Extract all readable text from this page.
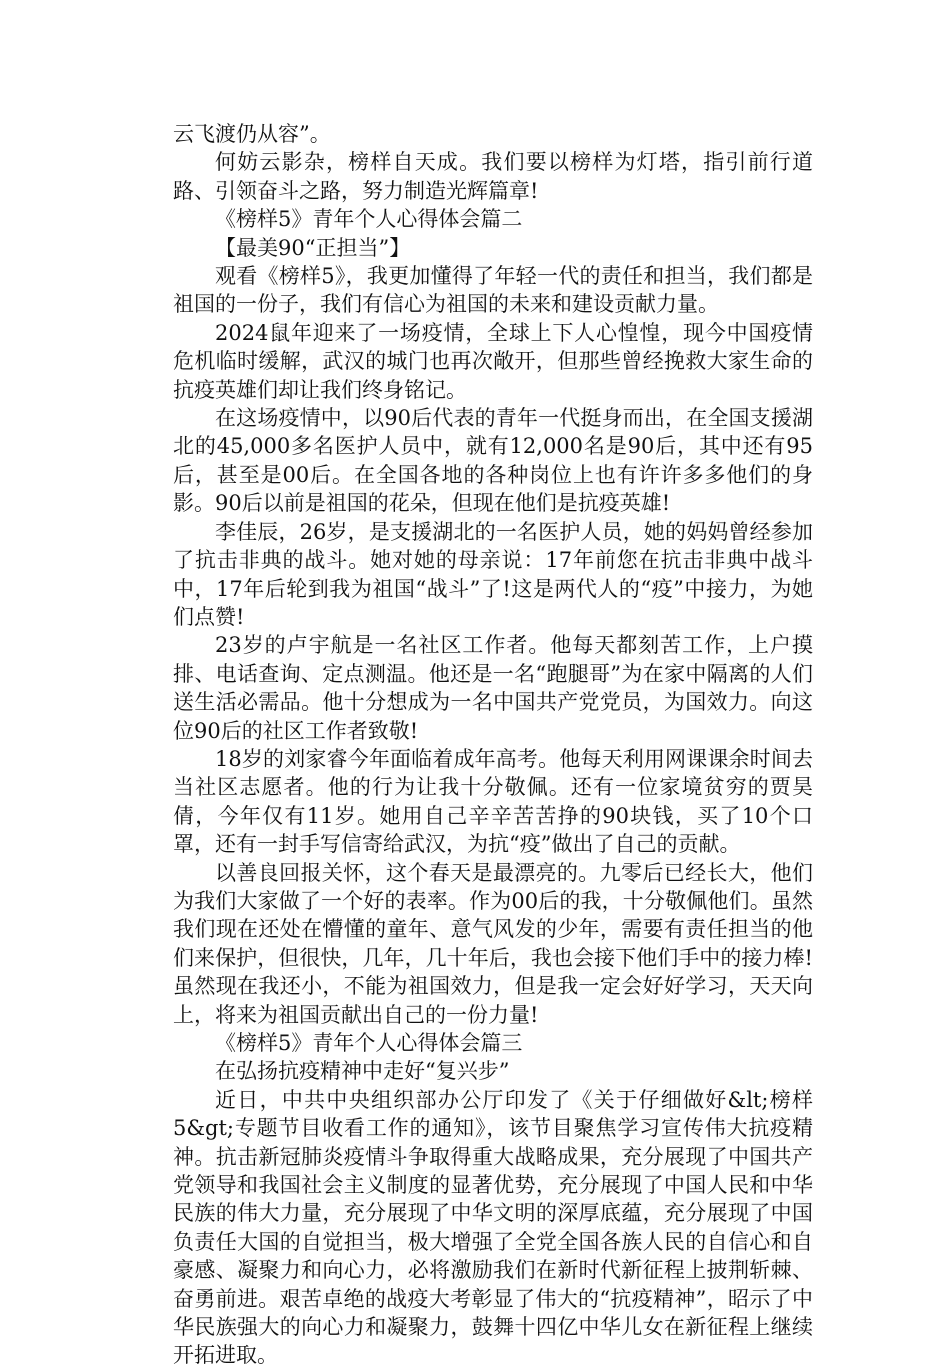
云飞渡仍从容”。

何妨云影杂，榜样自天成。我们要以榜样为灯塔，指引前行道路、引领奋斗之路，努力制造光辉篇章!

《榜样5》青年个人心得体会篇二

【最美90“正担当”】

观看《榜样5》，我更加懂得了年轻一代的责任和担当，我们都是祖国的一份子，我们有信心为祖国的未来和建设贡献力量。

2024鼠年迎来了一场疫情，全球上下人心惶惶，现今中国疫情危机临时缓解，武汉的城门也再次敞开，但那些曾经挽救大家生命的抗疫英雄们却让我们终身铭记。

在这场疫情中，以90后代表的青年一代挺身而出，在全国支援湖北的45,000多名医护人员中，就有12,000名是90后，其中还有95后，甚至是00后。在全国各地的各种岗位上也有许许多多他们的身影。90后以前是祖国的花朵，但现在他们是抗疫英雄!

李佳辰，26岁，是支援湖北的一名医护人员，她的妈妈曾经参加了抗击非典的战斗。她对她的母亲说：17年前您在抗击非典中战斗中，17年后轮到我为祖国“战斗”了!这是两代人的“疫”中接力，为她们点赞!

23岁的卢宇航是一名社区工作者。他每天都刻苦工作，上户摸排、电话查询、定点测温。他还是一名“跑腿哥”为在家中隔离的人们送生活必需品。他十分想成为一名中国共产党党员，为国效力。向这位90后的社区工作者致敬!

18岁的刘家睿今年面临着成年高考。他每天利用网课课余时间去当社区志愿者。他的行为让我十分敬佩。还有一位家境贫穷的贾昊倩，今年仅有11岁。她用自己辛辛苦苦挣的90块钱，买了10个口罩，还有一封手写信寄给武汉，为抗“疫”做出了自己的贡献。

以善良回报关怀，这个春天是最漂亮的。九零后已经长大，他们为我们大家做了一个好的表率。作为00后的我，十分敬佩他们。虽然我们现在还处在懵懂的童年、意气风发的少年，需要有责任担当的他们来保护，但很快，几年，几十年后，我也会接下他们手中的接力棒!虽然现在我还小，不能为祖国效力，但是我一定会好好学习，天天向上，将来为祖国贡献出自己的一份力量!

《榜样5》青年个人心得体会篇三

在弘扬抗疫精神中走好“复兴步”

近日，中共中央组织部办公厅印发了《关于仔细做好&lt;榜样5&gt;专题节目收看工作的通知》，该节目聚焦学习宣传伟大抗疫精神。抗击新冠肺炎疫情斗争取得重大战略成果，充分展现了中国共产党领导和我国社会主义制度的显著优势，充分展现了中国人民和中华民族的伟大力量，充分展现了中华文明的深厚底蕴，充分展现了中国负责任大国的自觉担当，极大增强了全党全国各族人民的自信心和自豪感、凝聚力和向心力，必将激励我们在新时代新征程上披荆斩棘、奋勇前进。艰苦卓绝的战疫大考彰显了伟大的“抗疫精神”，昭示了中华民族强大的向心力和凝聚力，鼓舞十四亿中华儿女在新征程上继续开拓进取。
